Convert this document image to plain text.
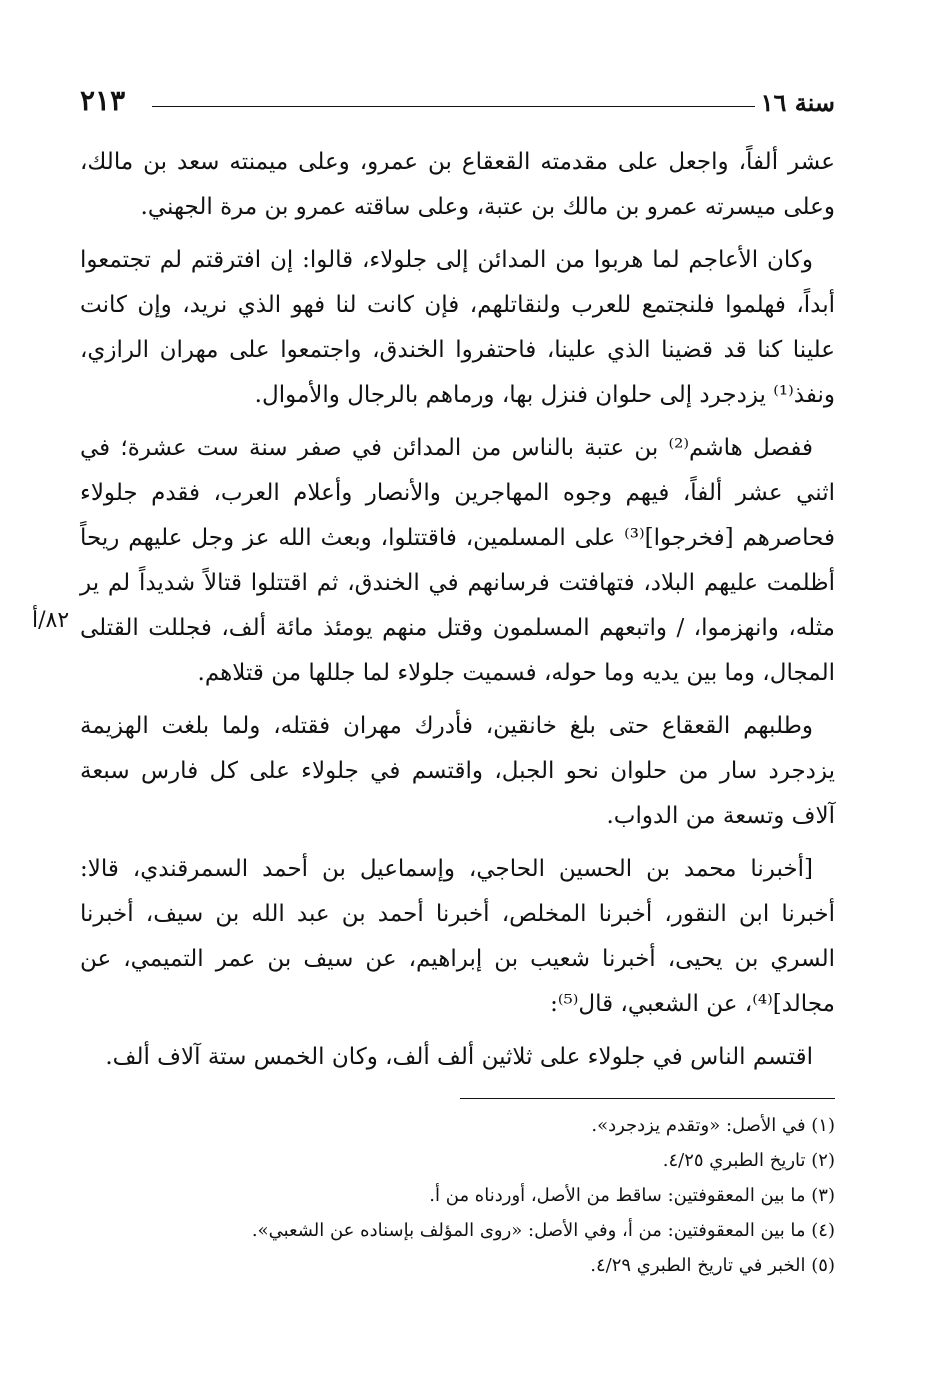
سنة ١٦
٢١٣

عشر ألفاً، واجعل على مقدمته القعقاع بن عمرو، وعلى ميمنته سعد بن مالك، وعلى ميسرته عمرو بن مالك بن عتبة، وعلى ساقته عمرو بن مرة الجهني.

وكان الأعاجم لما هربوا من المدائن إلى جلولاء، قالوا: إن افترقتم لم تجتمعوا أبداً، فهلموا فلنجتمع للعرب ولنقاتلهم، فإن كانت لنا فهو الذي نريد، وإن كانت علينا كنا قد قضينا الذي علينا، فاحتفروا الخندق، واجتمعوا على مهران الرازي، ونفذ⁽¹⁾ يزدجرد إلى حلوان فنزل بها، ورماهم بالرجال والأموال.

ففصل هاشم⁽²⁾ بن عتبة بالناس من المدائن في صفر سنة ست عشرة؛ في اثني عشر ألفاً، فيهم وجوه المهاجرين والأنصار وأعلام العرب، فقدم جلولاء فحاصرهم [فخرجوا]⁽³⁾ على المسلمين، فاقتتلوا، وبعث الله عز وجل عليهم ريحاً أظلمت عليهم البلاد، فتهافتت فرسانهم في الخندق، ثم اقتتلوا قتالاً شديداً لم ير مثله، وانهزموا، / واتبعهم المسلمون وقتل منهم يومئذ مائة ألف، فجللت القتلى المجال، وما بين يديه وما حوله، فسميت جلولاء لما جللها من قتلاهم.

وطلبهم القعقاع حتى بلغ خانقين، فأدرك مهران فقتله، ولما بلغت الهزيمة يزدجرد سار من حلوان نحو الجبل، واقتسم في جلولاء على كل فارس سبعة آلاف وتسعة من الدواب.

[أخبرنا محمد بن الحسين الحاجي، وإسماعيل بن أحمد السمرقندي، قالا: أخبرنا ابن النقور، أخبرنا المخلص، أخبرنا أحمد بن عبد الله بن سيف، أخبرنا السري بن يحيى، أخبرنا شعيب بن إبراهيم، عن سيف بن عمر التميمي، عن مجالد]⁽⁴⁾، عن الشعبي، قال⁽⁵⁾:

اقتسم الناس في جلولاء على ثلاثين ألف ألف، وكان الخمس ستة آلاف ألف.

٨٢/أ

(١) في الأصل: «وتقدم يزدجرد».

(٢) تاريخ الطبري ٤/٢٥.

(٣) ما بين المعقوفتين: ساقط من الأصل، أوردناه من أ.

(٤) ما بين المعقوفتين: من أ، وفي الأصل: «روى المؤلف بإسناده عن الشعبي».

(٥) الخبر في تاريخ الطبري ٤/٢٩.
